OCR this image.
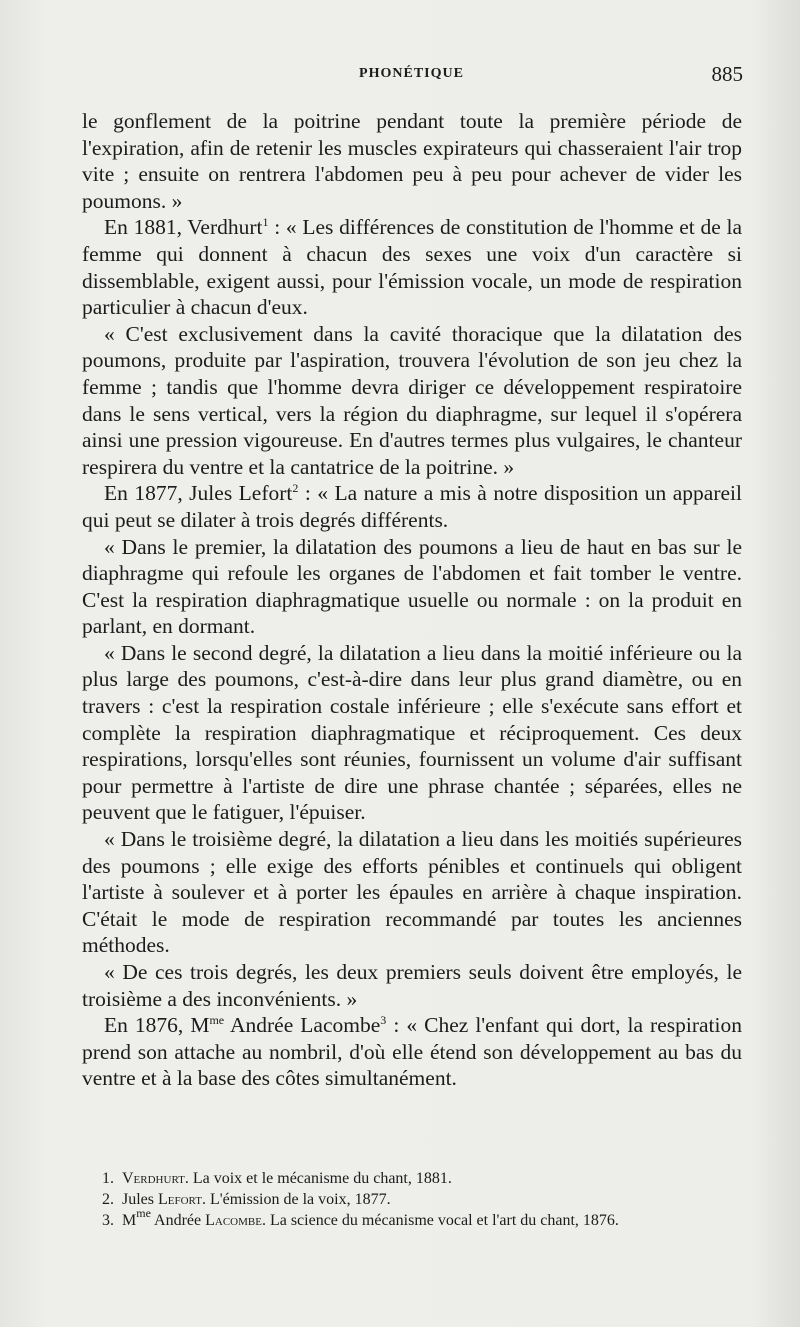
PHONÉTIQUE	885

le gonflement de la poitrine pendant toute la première période de l'expiration, afin de retenir les muscles expirateurs qui chasseraient l'air trop vite ; ensuite on rentrera l'abdomen peu à peu pour achever de vider les poumons. »

En 1881, Verdhurt$^1$ : « Les différences de constitution de l'homme et de la femme qui donnent à chacun des sexes une voix d'un caractère si dissemblable, exigent aussi, pour l'émission vocale, un mode de respiration particulier à chacun d'eux.

« C'est exclusivement dans la cavité thoracique que la dilatation des poumons, produite par l'aspiration, trouvera l'évolution de son jeu chez la femme ; tandis que l'homme devra diriger ce développement respiratoire dans le sens vertical, vers la région du diaphragme, sur lequel il s'opérera ainsi une pression vigoureuse. En d'autres termes plus vulgaires, le chanteur respirera du ventre et la cantatrice de la poitrine. »

En 1877, Jules Lefort$^2$ : « La nature a mis à notre disposition un appareil qui peut se dilater à trois degrés différents.

« Dans le premier, la dilatation des poumons a lieu de haut en bas sur le diaphragme qui refoule les organes de l'abdomen et fait tomber le ventre. C'est la respiration diaphragmatique usuelle ou normale : on la produit en parlant, en dormant.

« Dans le second degré, la dilatation a lieu dans la moitié inférieure ou la plus large des poumons, c'est-à-dire dans leur plus grand diamètre, ou en travers : c'est la respiration costale inférieure ; elle s'exécute sans effort et complète la respiration diaphragmatique et réciproquement. Ces deux respirations, lorsqu'elles sont réunies, fournissent un volume d'air suffisant pour permettre à l'artiste de dire une phrase chantée ; séparées, elles ne peuvent que le fatiguer, l'épuiser.

« Dans le troisième degré, la dilatation a lieu dans les moitiés supérieures des poumons ; elle exige des efforts pénibles et continuels qui obligent l'artiste à soulever et à porter les épaules en arrière à chaque inspiration. C'était le mode de respiration recommandé par toutes les anciennes méthodes.

« De ces trois degrés, les deux premiers seuls doivent être employés, le troisième a des inconvénients. »

En 1876, $M^{me}$ Andrée Lacombe$^3$ : « Chez l'enfant qui dort, la respiration prend son attache au nombril, d'où elle étend son développement au bas du ventre et à la base des côtes simultanément.

1. Verdhurt. La voix et le mécanisme du chant, 1881.

2. Jules Lefort. L'émission de la voix, 1877.

3. $M^{me}$ Andrée Lacombe. La science du mécanisme vocal et l'art du chant, 1876.
